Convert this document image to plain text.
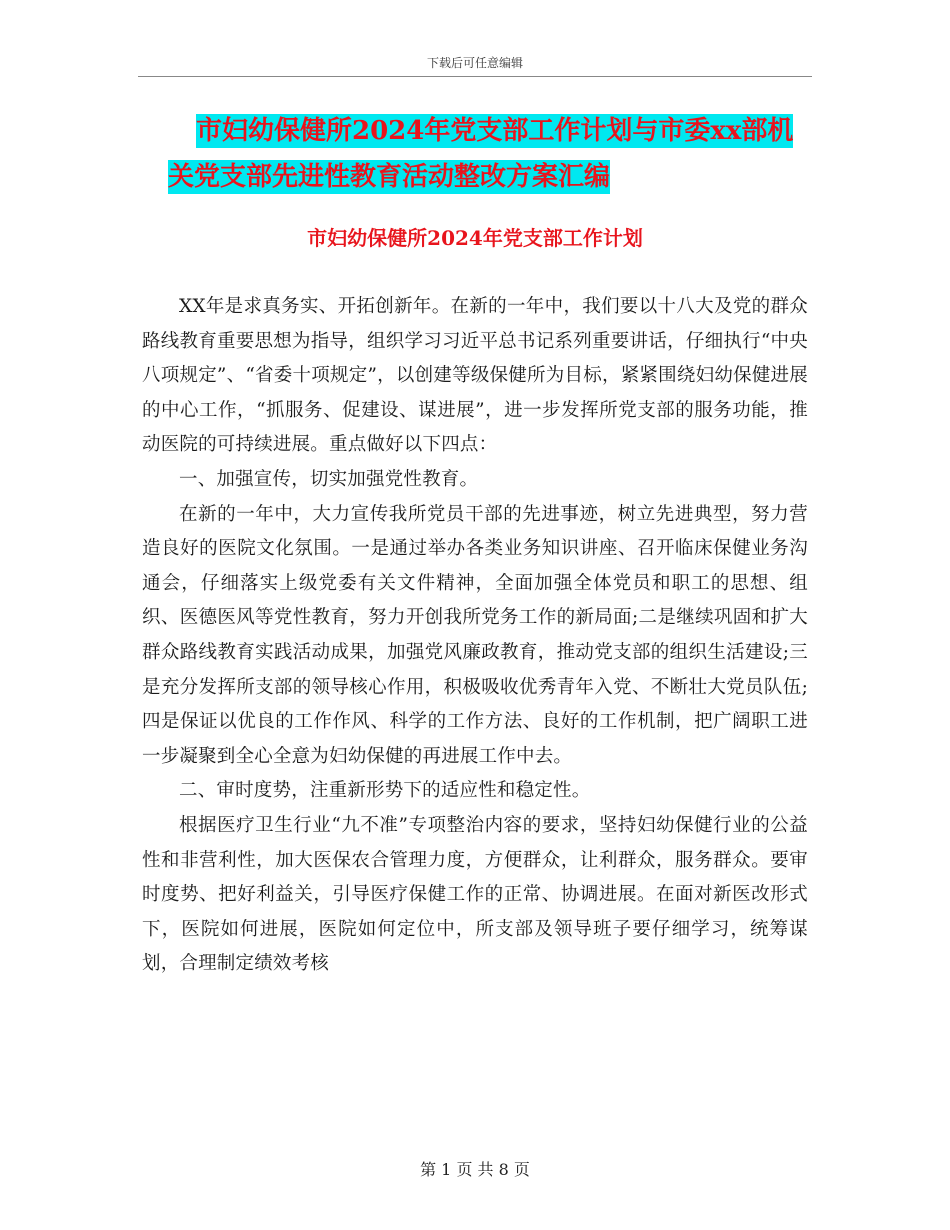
下载后可任意编辑
市妇幼保健所2024年党支部工作计划与市委xx部机
关党支部先进性教育活动整改方案汇编
市妇幼保健所2024年党支部工作计划

XX年是求真务实、开拓创新年。在新的一年中，我们要以十八大及党的群众路线教育重要思想为指导，组织学习习近平总书记系列重要讲话，仔细执行“中央八项规定”、“省委十项规定”，以创建等级保健所为目标，紧紧围绕妇幼保健进展的中心工作，“抓服务、促建设、谋进展”，进一步发挥所党支部的服务功能，推动医院的可持续进展。重点做好以下四点：

一、加强宣传，切实加强党性教育。

在新的一年中，大力宣传我所党员干部的先进事迹，树立先进典型，努力营造良好的医院文化氛围。一是通过举办各类业务知识讲座、召开临床保健业务沟通会，仔细落实上级党委有关文件精神，全面加强全体党员和职工的思想、组织、医德医风等党性教育，努力开创我所党务工作的新局面;二是继续巩固和扩大群众路线教育实践活动成果，加强党风廉政教育，推动党支部的组织生活建设;三是充分发挥所支部的领导核心作用，积极吸收优秀青年入党、不断壮大党员队伍;四是保证以优良的工作作风、科学的工作方法、良好的工作机制，把广阔职工进一步凝聚到全心全意为妇幼保健的再进展工作中去。

二、审时度势，注重新形势下的适应性和稳定性。

根据医疗卫生行业“九不准”专项整治内容的要求，坚持妇幼保健行业的公益性和非营利性，加大医保农合管理力度，方便群众，让利群众，服务群众。要审时度势、把好利益关，引导医疗保健工作的正常、协调进展。在面对新医改形式下，医院如何进展，医院如何定位中，所支部及领导班子要仔细学习，统筹谋划，合理制定绩效考核

第 1 页 共 8 页
